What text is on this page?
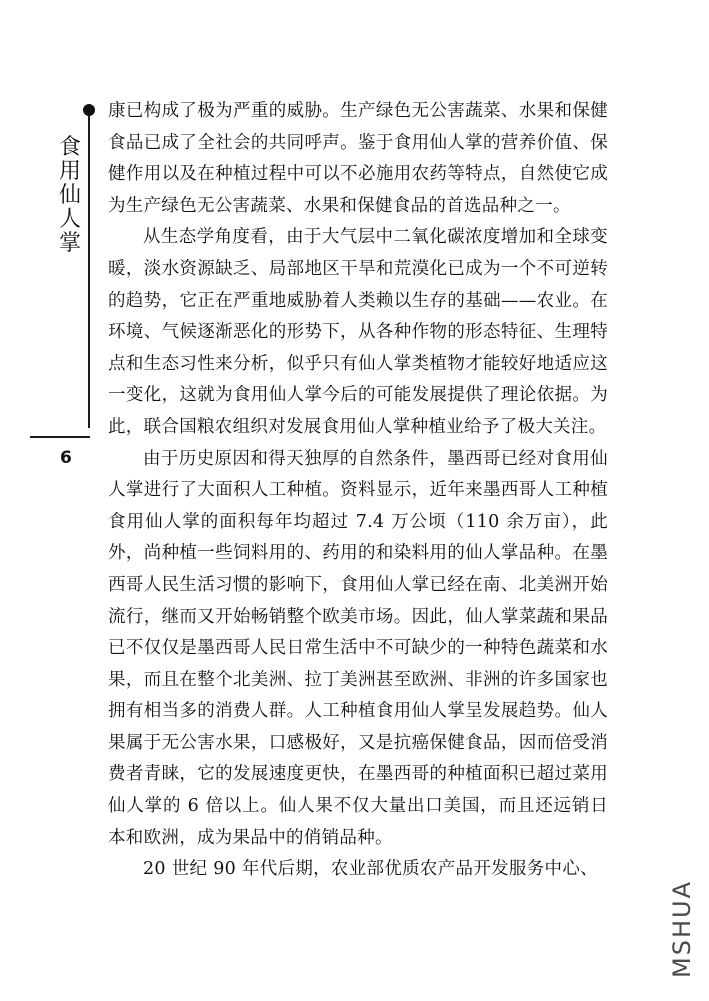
食用仙人掌
6

康已构成了极为严重的威胁。生产绿色无公害蔬菜、水果和保健食品已成了全社会的共同呼声。鉴于食用仙人掌的营养价值、保健作用以及在种植过程中可以不必施用农药等特点，自然使它成为生产绿色无公害蔬菜、水果和保健食品的首选品种之一。

从生态学角度看，由于大气层中二氧化碳浓度增加和全球变暖，淡水资源缺乏、局部地区干旱和荒漠化已成为一个不可逆转的趋势，它正在严重地威胁着人类赖以生存的基础——农业。在环境、气候逐渐恶化的形势下，从各种作物的形态特征、生理特点和生态习性来分析，似乎只有仙人掌类植物才能较好地适应这一变化，这就为食用仙人掌今后的可能发展提供了理论依据。为此，联合国粮农组织对发展食用仙人掌种植业给予了极大关注。

由于历史原因和得天独厚的自然条件，墨西哥已经对食用仙人掌进行了大面积人工种植。资料显示，近年来墨西哥人工种植食用仙人掌的面积每年均超过 7.4 万公顷（110 余万亩），此外，尚种植一些饲料用的、药用的和染料用的仙人掌品种。在墨西哥人民生活习惯的影响下，食用仙人掌已经在南、北美洲开始流行，继而又开始畅销整个欧美市场。因此，仙人掌菜蔬和果品已不仅仅是墨西哥人民日常生活中不可缺少的一种特色蔬菜和水果，而且在整个北美洲、拉丁美洲甚至欧洲、非洲的许多国家也拥有相当多的消费人群。人工种植食用仙人掌呈发展趋势。仙人果属于无公害水果，口感极好，又是抗癌保健食品，因而倍受消费者青睐，它的发展速度更快，在墨西哥的种植面积已超过菜用仙人掌的 6 倍以上。仙人果不仅大量出口美国，而且还远销日本和欧洲，成为果品中的俏销品种。

20 世纪 90 年代后期，农业部优质农产品开发服务中心、

MSHUA
